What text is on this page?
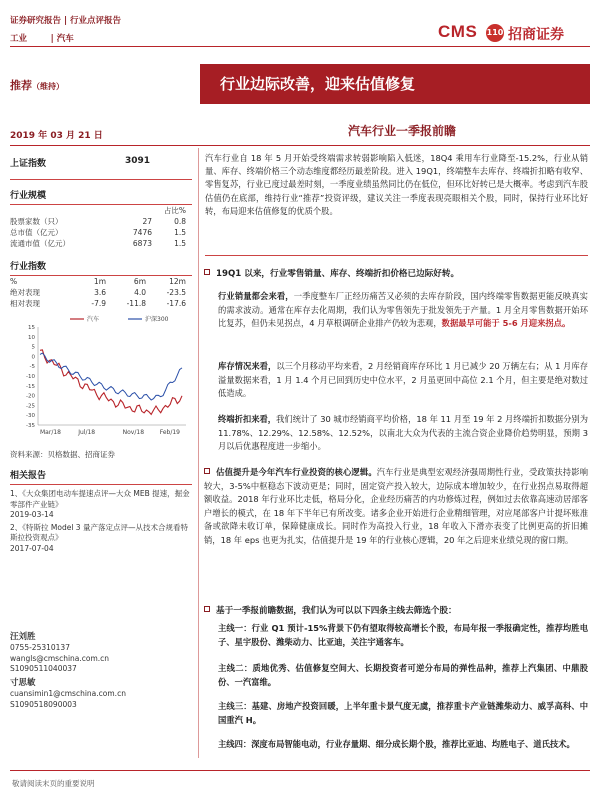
证券研究报告 | 行业点评报告
工业        | 汽车	CMS 110 招商证券
推荐（维持）	行业边际改善，迎来估值修复
2019 年 03 月 21 日	汽车行业一季报前瞻
上证指数	3091
行业规模
占比%
股票家数（只）	27	0.8
总市值（亿元）	7476	1.5
流通市值（亿元）	6873	1.5
行业指数
%	1m	6m	12m
绝对表现	3.6	4.0	-23.5
相对表现	-7.9	-11.8	-17.6
15
10
5
0
-5
-10
-15
-20
-25
-30
-35
Mar/18	Jul/18	Nov/18	Feb/19
汽车	沪深300
资料来源：贝格数据、招商证券
相关报告
1、《大众集团电动车提速点评—大众 MEB 提速，掘金零部件产业链》
2019-03-14
2、《特斯拉 Model 3 量产落定点评—从技术合规看特斯拉投资观点》
2017-07-04
汪刘胜
0755-25310137
wangls@cmschina.com.cn
S1090511040037
寸思敏
cuansimin1@cmschina.com.cn
S1090518090003
汽车行业自 18 年 5 月开始受终端需求转弱影响陷入低迷，18Q4 乘用车行业降至-15.2%，行业从销量、库存、终端价格三个动态维度都经历最差阶段。进入 19Q1，终端整车去库存、终端折扣略有收窄、零售复苏，行业已度过最差时刻，一季度业绩虽然同比仍在低位，但环比好转已是大概率。考虑到汽车股估值仍在底部，维持行业“推荐”投资评级，建议关注一季度表现亮眼相关个股，同时，保持行业环比好转，布局迎来估值修复的优质个股。
19Q1 以来，行业零售销量、库存、终端折扣价格已边际好转。
行业销量都会来看，一季度整车厂正经历痛苦又必须的去库存阶段，国内终端零售数据更能反映真实的需求波动。通常在库存去化周期，我们认为零售领先于批发领先于产量。1 月全月零售数据开始环比复苏，但仍未见拐点，4 月草根调研企业排产仍较为悲观，数据最早可能于 5-6 月迎来拐点。
库存情况来看，以三个月移动平均来看，2 月经销商库存环比 1 月已减少 20 万辆左右；从 1 月库存溢量数据来看，1 月 1.4 个月已回到历史中位水平，2 月虽更回中高位 2.1 个月，但主要是绝对数过低造成。
终端折扣来看，我们统计了 30 城市经销商平均价格，18 年 11 月至 19 年 2 月终端折扣数据分别为 11.78%、12.29%、12.58%、12.52%，以南北大众为代表的主流合资企业降价趋势明显，预期 3 月以后优惠程度进一步缩小。
估值提升是今年汽车行业投资的核心逻辑。汽车行业是典型宏观经济强周期性行业，受政策扶持影响较大，3-5%中枢稳态下波动更是；同时，固定资产投入较大，边际成本增加较少，在行业拐点易取得超额收益。2018 年行业环比走低，格局分化，企业经历痛苦的内功修炼过程，例如过去依靠高速动居部客户增长的模式，在 18 年下半年已有所改变。诸多企业开始进行企业精细管理，对应尾部客户计提坏账准备或欲降未收订单，保障健康成长。同时作为高投入行业，18 年收入下滑亦表变了比例更高的折旧摊销，18 年 eps 也更为扎实，估值提升是 19 年的行业核心逻辑，20 年之后迎来业绩兑现的窗口期。
基于一季报前瞻数据，我们认为可以以下四条主线去筛选个股：
主线一：行业 Q1 预计-15%背景下仍有望取得较高增长个股，布局年报一季报确定性，推荐均胜电子、星宇股份、潍柴动力、比亚迪，关注宇通客车。
主线二：质地优秀、估值修复空间大、长期投资者可逆分布局的弹性品种，推荐上汽集团、中鼎股份、一汽富维。
主线三：基建、房地产投资回暖，上半年重卡景气度无虞，推荐重卡产业链潍柴动力、威孚高科、中国重汽 H。
主线四：深度布局智能电动，行业存量期、细分成长期个股，推荐比亚迪、均胜电子、道氏技术。
敬请阅读末页的重要说明
